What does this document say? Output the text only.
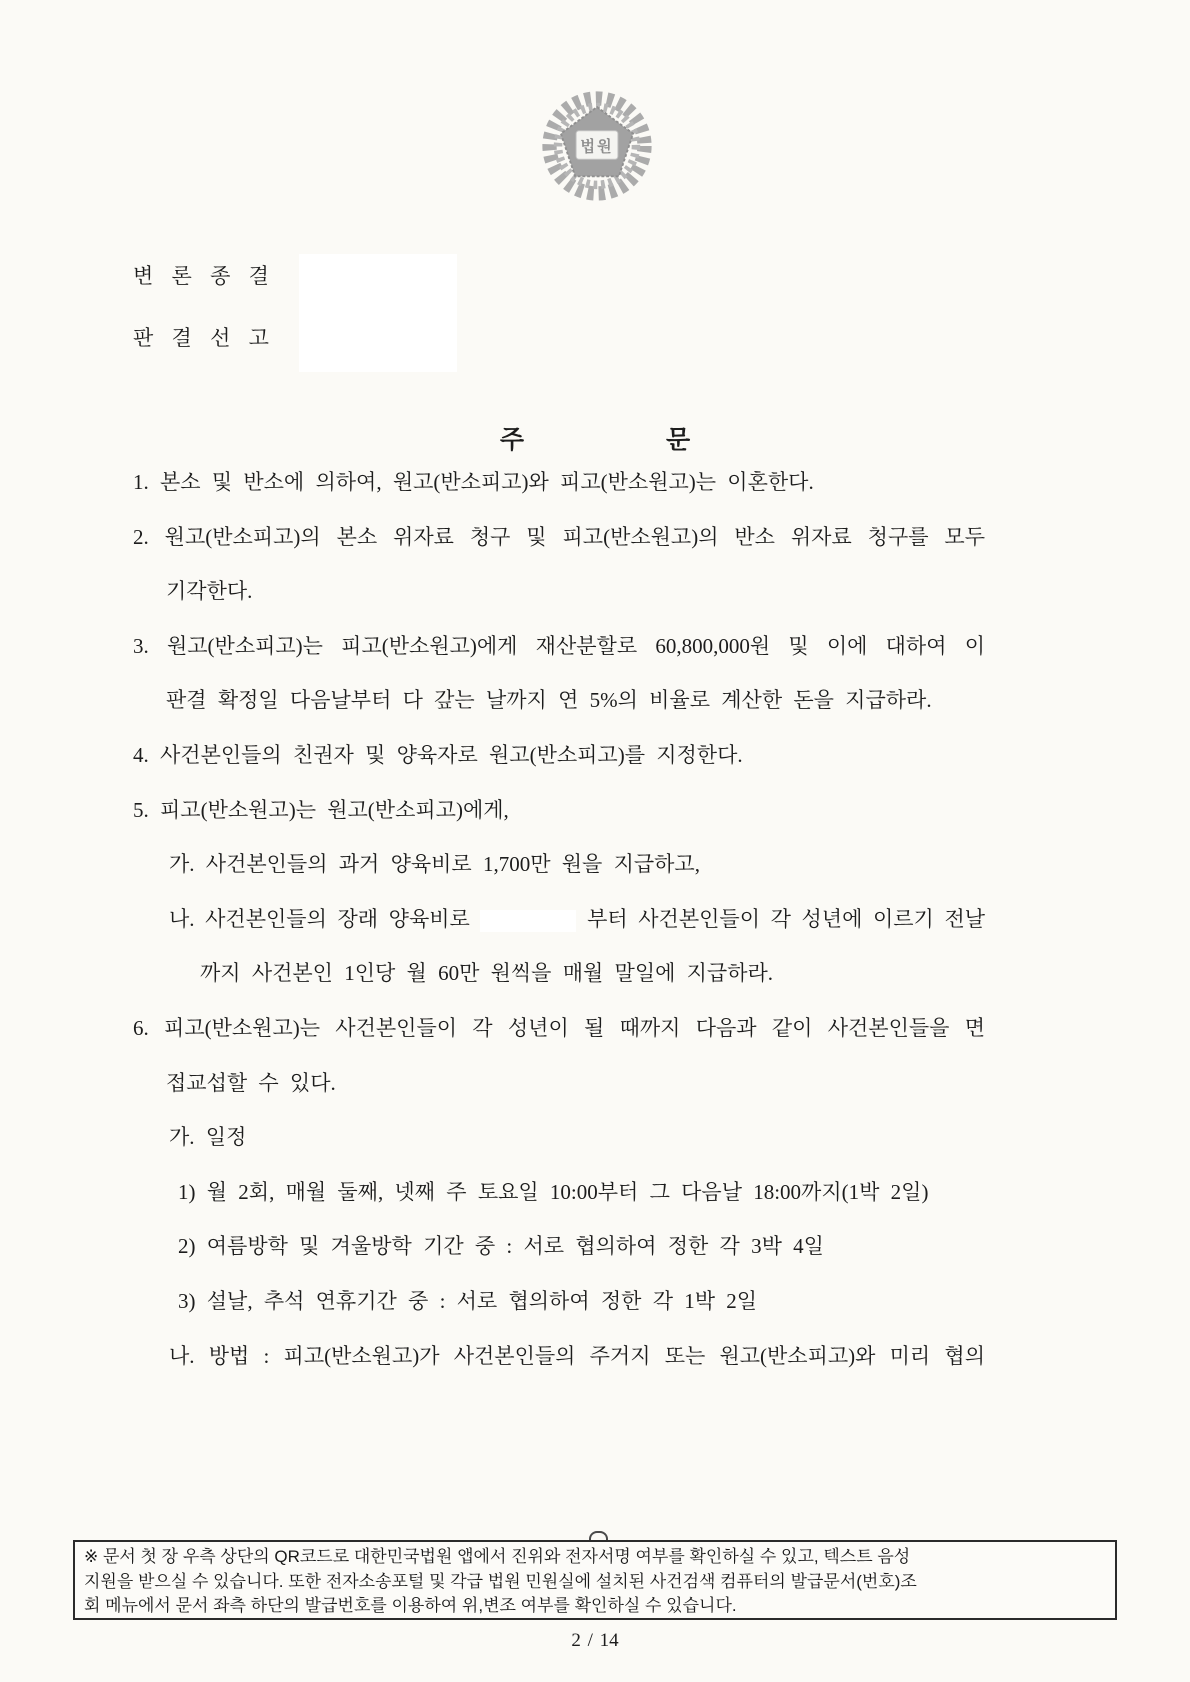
법원
변 론 종 결
판 결 선 고
주	문
1. 본소 및 반소에 의하여, 원고(반소피고)와 피고(반소원고)는 이혼한다.
2. 원고(반소피고)의 본소 위자료 청구 및 피고(반소원고)의 반소 위자료 청구를 모두
기각한다.
3. 원고(반소피고)는 피고(반소원고)에게 재산분할로 60,800,000원 및 이에 대하여 이
판결 확정일 다음날부터 다 갚는 날까지 연 5%의 비율로 계산한 돈을 지급하라.
4. 사건본인들의 친권자 및 양육자로 원고(반소피고)를 지정한다.
5. 피고(반소원고)는 원고(반소피고)에게,
가. 사건본인들의 과거 양육비로 1,700만 원을 지급하고,
나. 사건본인들의 장래 양육비로	부터 사건본인들이 각 성년에 이르기 전날
까지 사건본인 1인당 월 60만 원씩을 매월 말일에 지급하라.
6. 피고(반소원고)는 사건본인들이 각 성년이 될 때까지 다음과 같이 사건본인들을 면
접교섭할 수 있다.
가. 일정
1) 월 2회, 매월 둘째, 넷째 주 토요일 10:00부터 그 다음날 18:00까지(1박 2일)
2) 여름방학 및 겨울방학 기간 중 : 서로 협의하여 정한 각 3박 4일
3) 설날, 추석 연휴기간 중 : 서로 협의하여 정한 각 1박 2일
나. 방법 : 피고(반소원고)가 사건본인들의 주거지 또는 원고(반소피고)와 미리 협의
※ 문서 첫 장 우측 상단의 QR코드로 대한민국법원 앱에서 진위와 전자서명 여부를 확인하실 수 있고, 텍스트 음성
지원을 받으실 수 있습니다. 또한 전자소송포털 및 각급 법원 민원실에 설치된 사건검색 컴퓨터의 발급문서(번호)조
회 메뉴에서 문서 좌측 하단의 발급번호를 이용하여 위,변조 여부를 확인하실 수 있습니다.
2 / 14
